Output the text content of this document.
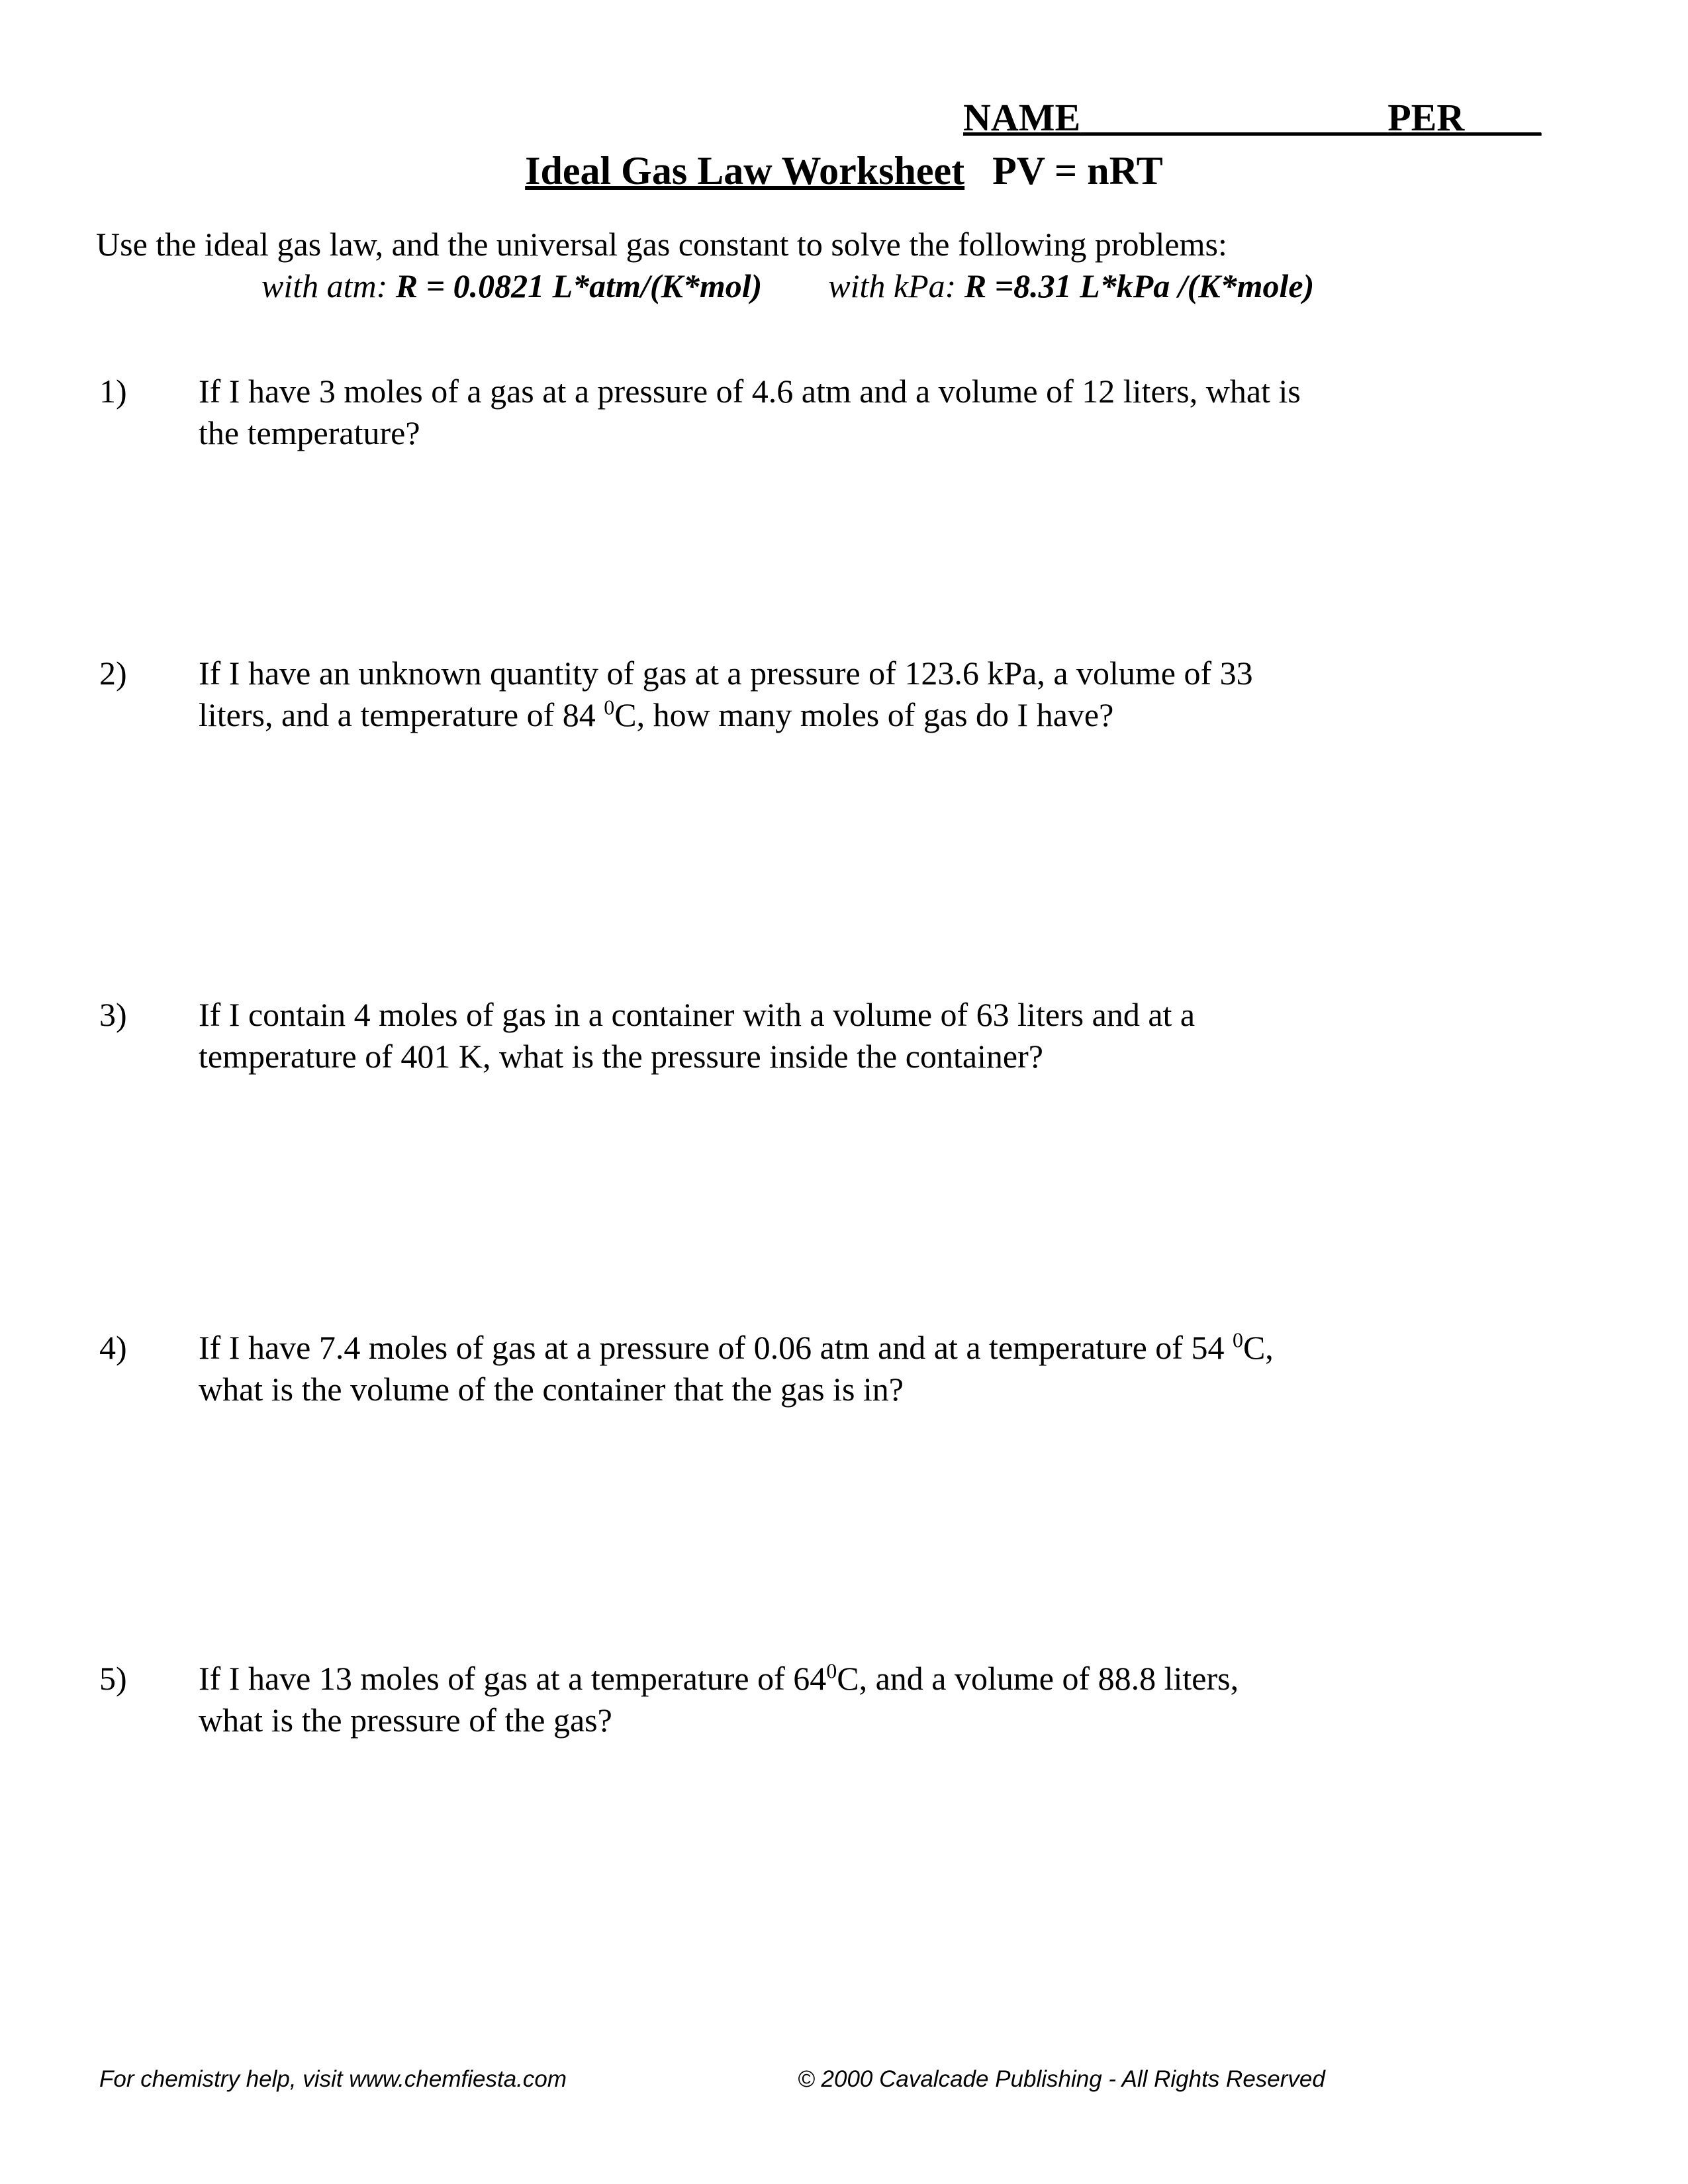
NAME________________PER____
Ideal Gas Law Worksheet PV = nRT
Use the ideal gas law, and the universal gas constant to solve the following problems:
with atm: R = 0.0821 L*atm/(K*mol) with kPa: R =8.31 L*kPa /(K*mole)
1) If I have 3 moles of a gas at a pressure of 4.6 atm and a volume of 12 liters, what is
the temperature?
2) If I have an unknown quantity of gas at a pressure of 123.6 kPa, a volume of 33
liters, and a temperature of 84 $^0$C, how many moles of gas do I have?
3) If I contain 4 moles of gas in a container with a volume of 63 liters and at a
temperature of 401 K, what is the pressure inside the container?
4) If I have 7.4 moles of gas at a pressure of 0.06 atm and at a temperature of 54 $^0$C,
what is the volume of the container that the gas is in?
5) If I have 13 moles of gas at a temperature of $64^0C$, and a volume of 88.8 liters,
what is the pressure of the gas?
For chemistry help, visit www.chemfiesta.com	© 2000 Cavalcade Publishing - All Rights Reserved
